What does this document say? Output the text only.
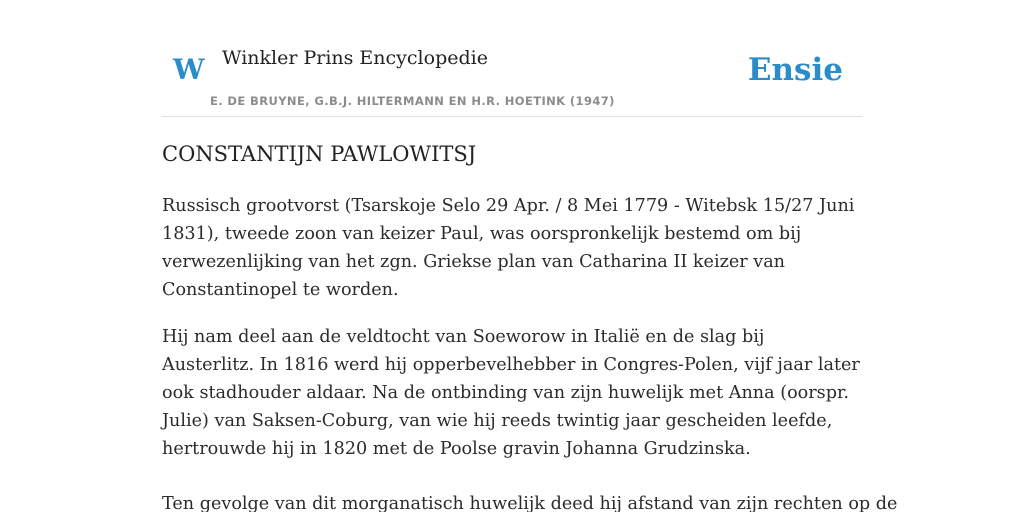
W Winkler Prins Encyclopedie
E. DE BRUYNE, G.B.J. HILTERMANN EN H.R. HOETINK (1947)
Ensie
CONSTANTIJN PAWLOWITSJ

Russisch grootvorst (Tsarskoje Selo 29 Apr. / 8 Mei 1779 - Witebsk 15/27 Juni 1831), tweede zoon van keizer Paul, was oorspronkelijk bestemd om bij verwezenlijking van het zgn. Griekse plan van Catharina II keizer van Constantinopel te worden.

Hij nam deel aan de veldtocht van Soeworow in Italië en de slag bij Austerlitz. In 1816 werd hij opperbevelhebber in Congres-Polen, vijf jaar later ook stadhouder aldaar. Na de ontbinding van zijn huwelijk met Anna (oorspr. Julie) van Saksen-Coburg, van wie hij reeds twintig jaar gescheiden leefde, hertrouwde hij in 1820 met de Poolse gravin Johanna Grudzinska.

Ten gevolge van dit morganatisch huwelijk deed hij afstand van zijn rechten op de
